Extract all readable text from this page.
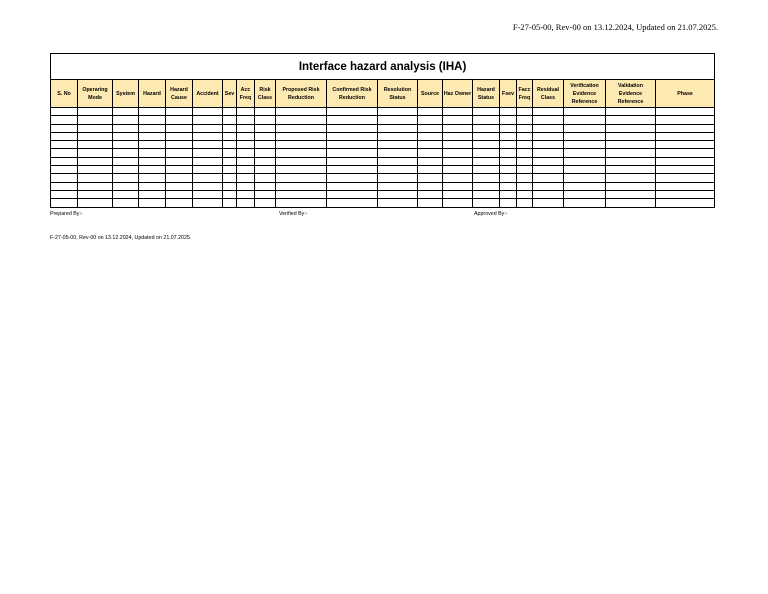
F-27-05-00, Rev-00 on 13.12.2024, Updated on 21.07.2025.
Interface hazard analysis (IHA)																				
S. No	Operaring Mode	System	Hazard	Hazard Cause	Accident	Sev	Acc Freq	Risk Class	Proposed Risk Reduction	Confirmed Risk Reduction	Resolution Status	Source	Haz Owner	Hazard Status	Fsev	Facc Freq	Residual Class	Verification Evidence Reference	Validation Evidence Reference	Phase

Prepared By:-	Verified By:-	Approved By:-
F-27-05-00, Rev-00 on 13.12.2024, Updated on 21.07.2025.
